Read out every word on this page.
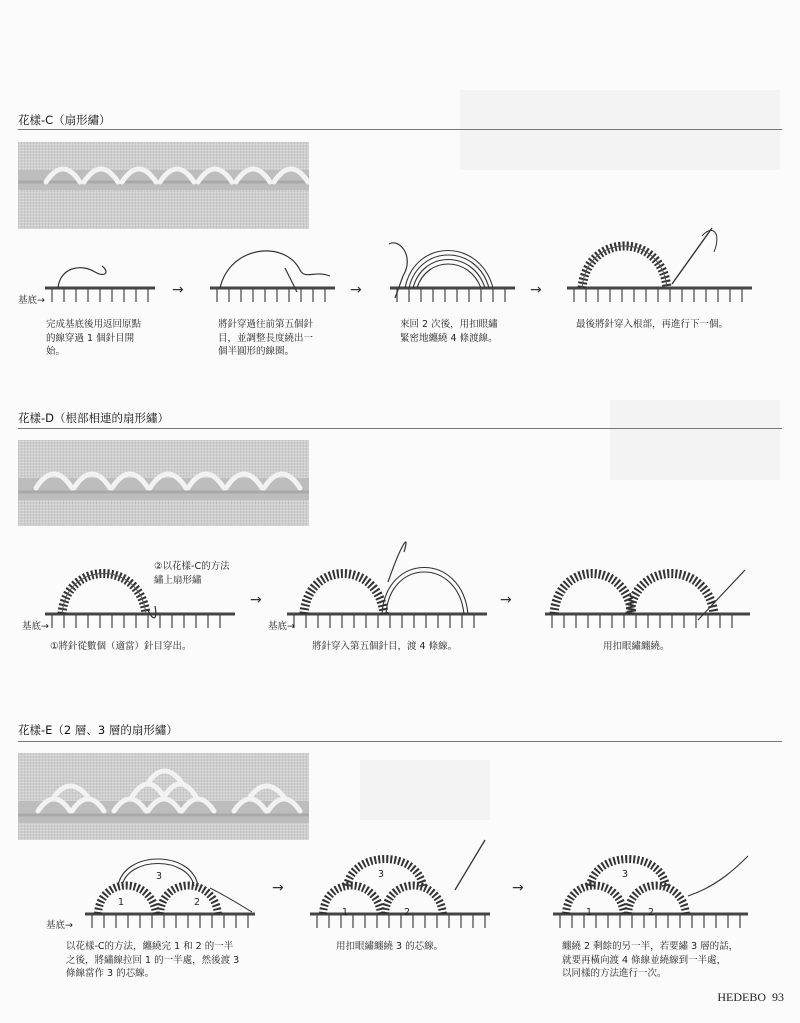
花樣-C（扇形繡）
基底→
→	→	→
完成基底後用返回原點
的線穿過 1 個針目開
始。
將針穿過往前第五個針
目，並調整長度繞出一
個半圓形的線圈。
來回 2 次後，用扣眼繡
緊密地纏繞 4 條渡線。
最後將針穿入根部，再進行下一個。
花樣-D（根部相連的扇形繡）
②以花樣-C的方法
繡上扇形繡
基底→
→
基底→
→
①將針從數個（適當）針目穿出。	將針穿入第五個針目，渡 4 條線。	用扣眼繡纏繞。
花樣-E（2 層、3 層的扇形繡）
1	2
3
基底→
→
1	2
3
→
1	2
3
以花樣-C的方法，纏繞完 1 和 2 的一半
之後，將繡線拉回 1 的一半處，然後渡 3
條線當作 3 的芯線。
用扣眼繡纏繞 3 的芯線。	纏繞 2 剩餘的另一半，若要繡 3 層的話，
就要再橫向渡 4 條線並繞線到一半處，
以同樣的方法進行一次。
HEDEBO 93
